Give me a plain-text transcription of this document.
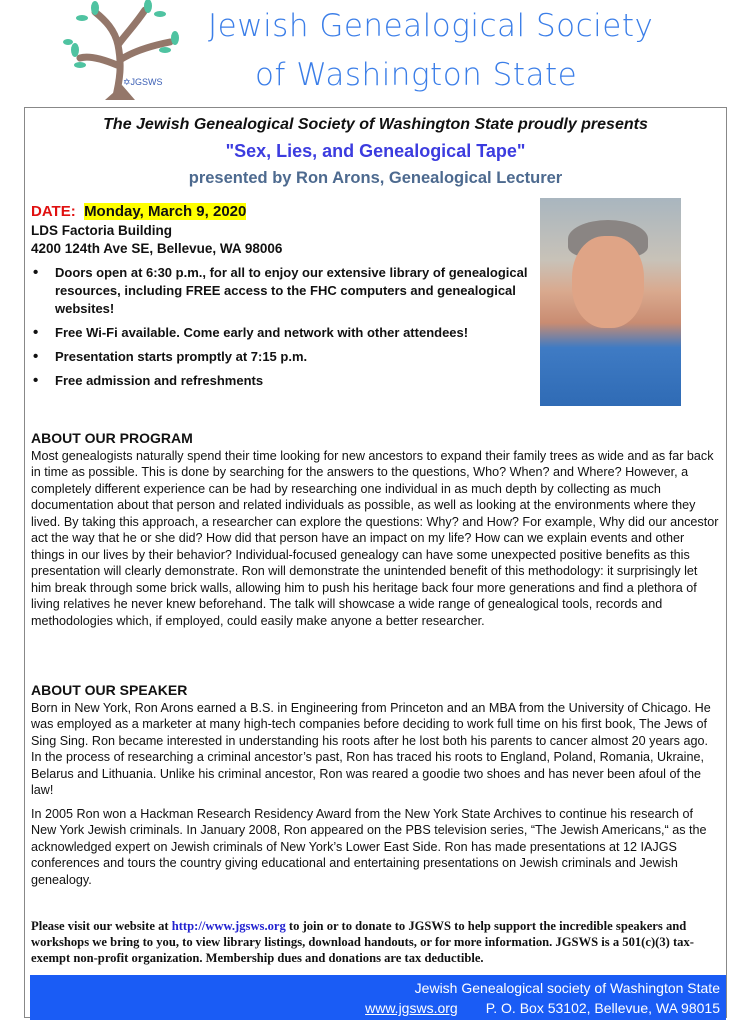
✡JGSWS
Jewish Genealogical Society
of Washington State
The Jewish Genealogical Society of Washington State proudly presents
"Sex, Lies, and Genealogical Tape"
presented by Ron Arons, Genealogical Lecturer
DATE: Monday, March 9, 2020
LDS Factoria Building
4200 124th Ave SE, Bellevue, WA 98006
• Doors open at 6:30 p.m., for all to enjoy our extensive library of genealogical resources, including FREE access to the FHC computers and genealogical websites!
• Free Wi-Fi available. Come early and network with other attendees!
• Presentation starts promptly at 7:15 p.m.
• Free admission and refreshments
ABOUT OUR PROGRAM

Most genealogists naturally spend their time looking for new ancestors to expand their family trees as wide and as far back in time as possible. This is done by searching for the answers to the questions, Who? When? and Where? However, a completely different experience can be had by researching one individual in as much depth by collecting as much documentation about that person and related individuals as possible, as well as looking at the environments where they lived. By taking this approach, a researcher can explore the questions: Why? and How? For example, Why did our ancestor act the way that he or she did? How did that person have an impact on my life? How can we explain events and other things in our lives by their behavior? Individual-focused genealogy can have some unexpected positive benefits as this presentation will clearly demonstrate. Ron will demonstrate the unintended benefit of this methodology: it surprisingly let him break through some brick walls, allowing him to push his heritage back four more generations and find a plethora of living relatives he never knew beforehand. The talk will showcase a wide range of genealogical tools, records and methodologies which, if employed, could easily make anyone a better researcher.

ABOUT OUR SPEAKER

Born in New York, Ron Arons earned a B.S. in Engineering from Princeton and an MBA from the University of Chicago. He was employed as a marketer at many high-tech companies before deciding to work full time on his first book, The Jews of Sing Sing. Ron became interested in understanding his roots after he lost both his parents to cancer almost 20 years ago. In the process of researching a criminal ancestor’s past, Ron has traced his roots to England, Poland, Romania, Ukraine, Belarus and Lithuania. Unlike his criminal ancestor, Ron was reared a goodie two shoes and has never been afoul of the law!

In 2005 Ron won a Hackman Research Residency Award from the New York State Archives to continue his research of New York Jewish criminals. In January 2008, Ron appeared on the PBS television series, “The Jewish Americans,“ as the acknowledged expert on Jewish criminals of New York’s Lower East Side. Ron has made presentations at 12 IAJGS conferences and tours the country giving educational and entertaining presentations on Jewish criminals and Jewish genealogy.

Please visit our website at http://www.jgsws.org to join or to donate to JGSWS to help support the incredible speakers and workshops we bring to you, to view library listings, download handouts, or for more information. JGSWS is a 501(c)(3) tax-exempt non-profit organization. Membership dues and donations are tax deductible.
Jewish Genealogical society of Washington State
www.jgsws.org P. O. Box 53102, Bellevue, WA 98015
